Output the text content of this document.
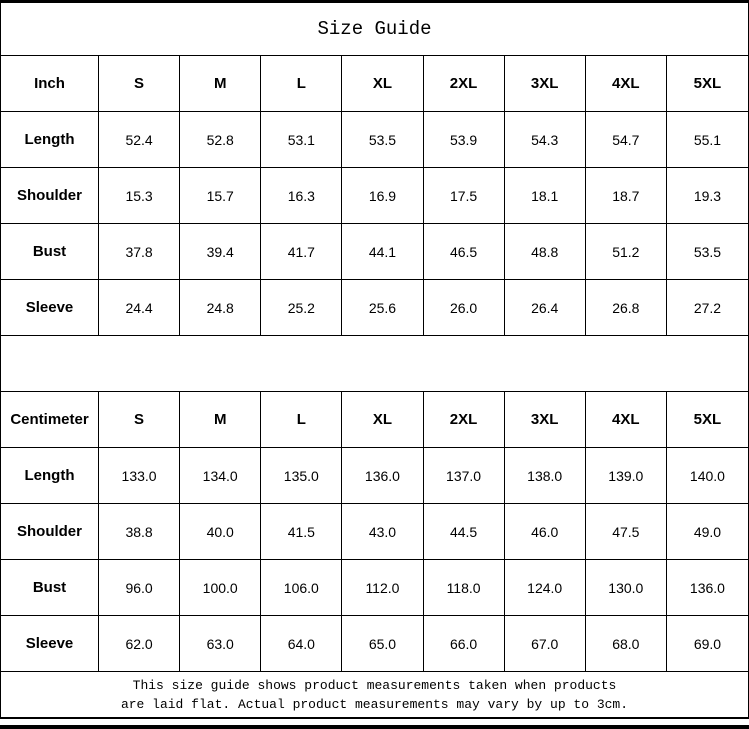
Size Guide
Inch	S	M	L	XL	2XL	3XL	4XL	5XL
Length	52.4	52.8	53.1	53.5	53.9	54.3	54.7	55.1
Shoulder	15.3	15.7	16.3	16.9	17.5	18.1	18.7	19.3
Bust	37.8	39.4	41.7	44.1	46.5	48.8	51.2	53.5
Sleeve	24.4	24.8	25.2	25.6	26.0	26.4	26.8	27.2
Centimeter	S	M	L	XL	2XL	3XL	4XL	5XL
Length	133.0	134.0	135.0	136.0	137.0	138.0	139.0	140.0
Shoulder	38.8	40.0	41.5	43.0	44.5	46.0	47.5	49.0
Bust	96.0	100.0	106.0	112.0	118.0	124.0	130.0	136.0
Sleeve	62.0	63.0	64.0	65.0	66.0	67.0	68.0	69.0
This size guide shows product measurements taken when products
are laid flat. Actual product measurements may vary by up to 3cm.
